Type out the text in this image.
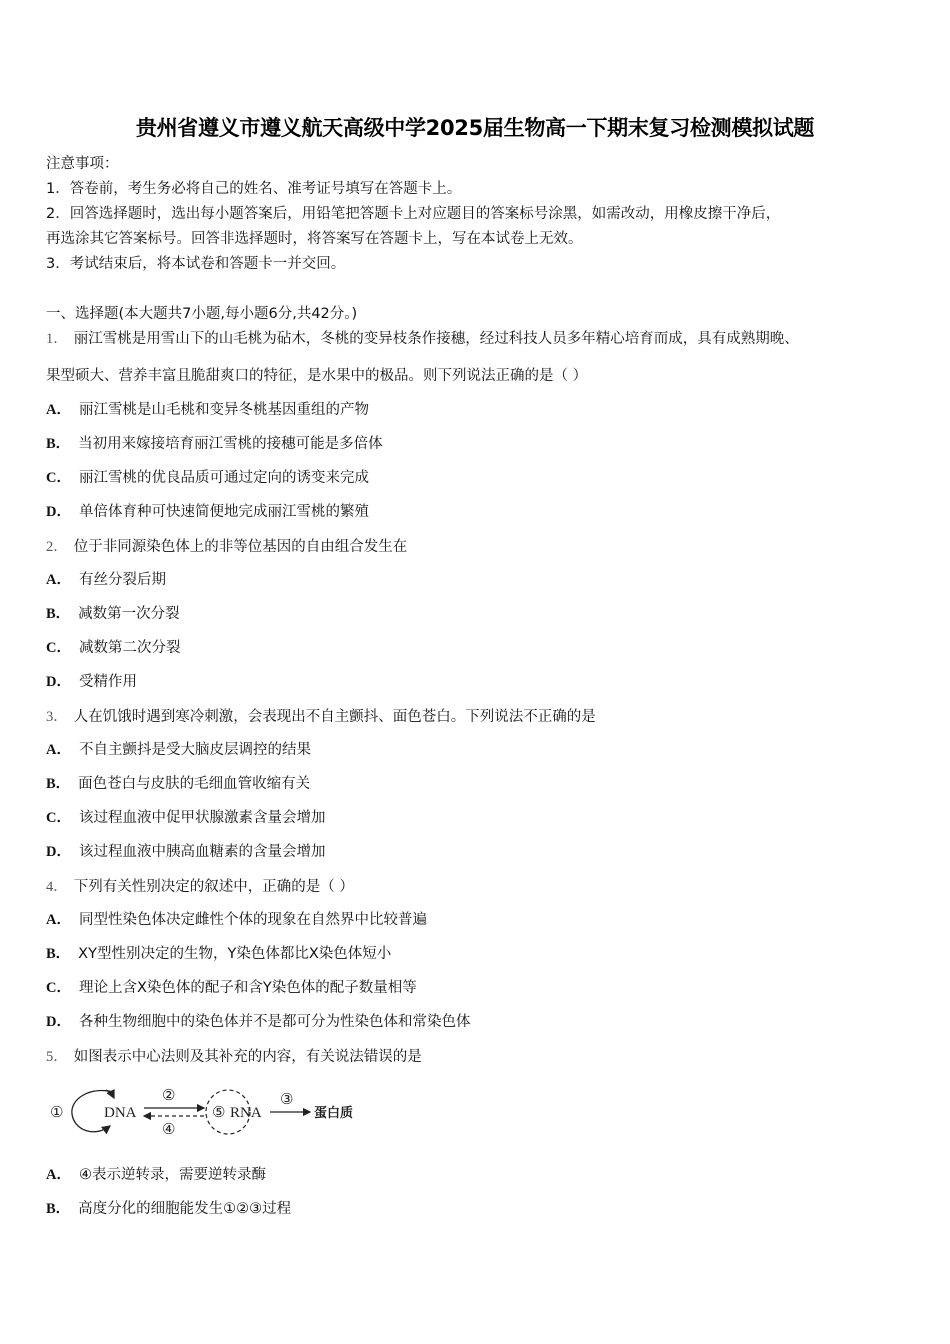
贵州省遵义市遵义航天高级中学2025届生物高一下期末复习检测模拟试题
注意事项：
1．答卷前，考生务必将自己的姓名、准考证号填写在答题卡上。
2．回答选择题时，选出每小题答案后，用铅笔把答题卡上对应题目的答案标号涂黑，如需改动，用橡皮擦干净后，
再选涂其它答案标号。回答非选择题时，将答案写在答题卡上，写在本试卷上无效。
3．考试结束后，将本试卷和答题卡一并交回。
一、选择题(本大题共7小题,每小题6分,共42分。)
1． 丽江雪桃是用雪山下的山毛桃为砧木，冬桃的变异枝条作接穗，经过科技人员多年精心培育而成，具有成熟期晚、
果型硕大、营养丰富且脆甜爽口的特征，是水果中的极品。则下列说法正确的是（ ）
A． 丽江雪桃是山毛桃和变异冬桃基因重组的产物
B． 当初用来嫁接培育丽江雪桃的接穗可能是多倍体
C． 丽江雪桃的优良品质可通过定向的诱变来完成
D． 单倍体育种可快速简便地完成丽江雪桃的繁殖
2． 位于非同源染色体上的非等位基因的自由组合发生在
A． 有丝分裂后期
B． 减数第一次分裂
C． 减数第二次分裂
D． 受精作用
3． 人在饥饿时遇到寒冷刺激，会表现出不自主颤抖、面色苍白。下列说法不正确的是
A． 不自主颤抖是受大脑皮层调控的结果
B． 面色苍白与皮肤的毛细血管收缩有关
C． 该过程血液中促甲状腺激素含量会增加
D． 该过程血液中胰高血糖素的含量会增加
4． 下列有关性别决定的叙述中，正确的是（ ）
A． 同型性染色体决定雌性个体的现象在自然界中比较普遍
B． XY型性别决定的生物，Y染色体都比X染色体短小
C． 理论上含X染色体的配子和含Y染色体的配子数量相等
D． 各种生物细胞中的染色体并不是都可分为性染色体和常染色体
5． 如图表示中心法则及其补充的内容，有关说法错误的是
①	DNA
②
④
⑤ RNA
③
蛋白质
A． ④表示逆转录，需要逆转录酶
B． 高度分化的细胞能发生①②③过程
